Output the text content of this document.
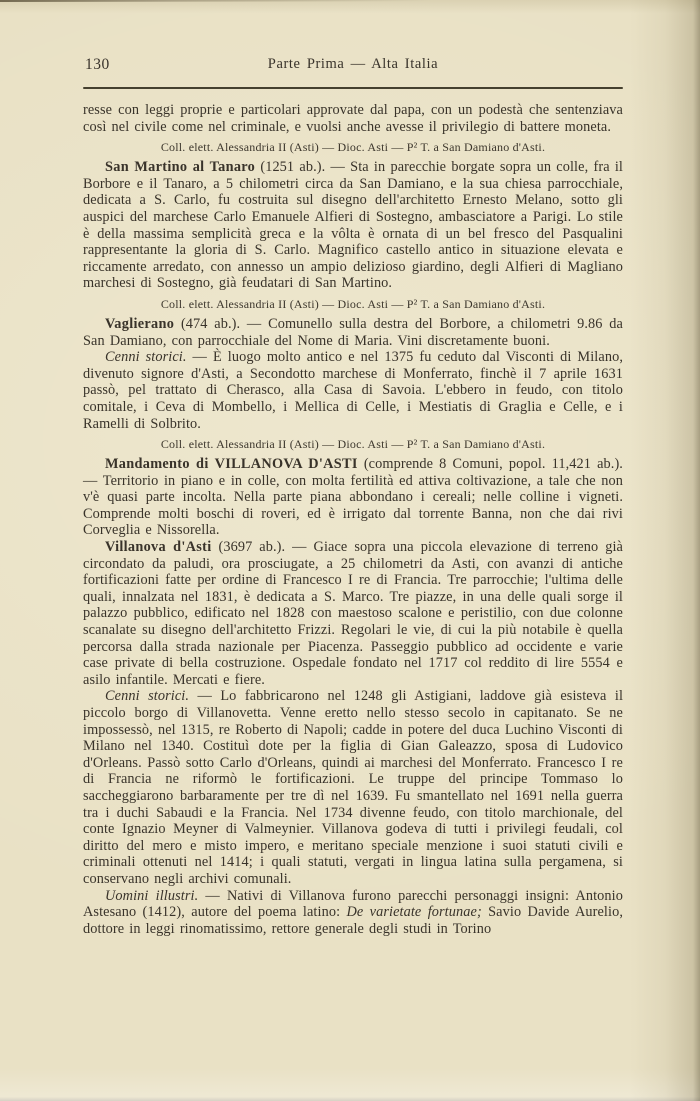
130	Parte Prima — Alta Italia

resse con leggi proprie e particolari approvate dal papa, con un podestà che sentenziava così nel civile come nel criminale, e vuolsi anche avesse il privilegio di battere moneta.

Coll. elett. Alessandria II (Asti) — Dioc. Asti — P² T. a San Damiano d'Asti.

San Martino al Tanaro (1251 ab.). — Sta in parecchie borgate sopra un colle, fra il Borbore e il Tanaro, a 5 chilometri circa da San Damiano, e la sua chiesa parrocchiale, dedicata a S. Carlo, fu costruita sul disegno dell'architetto Ernesto Melano, sotto gli auspici del marchese Carlo Emanuele Alfieri di Sostegno, ambasciatore a Parigi. Lo stile è della massima semplicità greca e la vôlta è ornata di un bel fresco del Pasqualini rappresentante la gloria di S. Carlo. Magnifico castello antico in situazione elevata e riccamente arredato, con annesso un ampio delizioso giardino, degli Alfieri di Magliano marchesi di Sostegno, già feudatari di San Martino.

Coll. elett. Alessandria II (Asti) — Dioc. Asti — P² T. a San Damiano d'Asti.

Vaglierano (474 ab.). — Comunello sulla destra del Borbore, a chilometri 9.86 da San Damiano, con parrocchiale del Nome di Maria. Vini discretamente buoni.

Cenni storici. — È luogo molto antico e nel 1375 fu ceduto dal Visconti di Milano, divenuto signore d'Asti, a Secondotto marchese di Monferrato, finchè il 7 aprile 1631 passò, pel trattato di Cherasco, alla Casa di Savoia. L'ebbero in feudo, con titolo comitale, i Ceva di Mombello, i Mellica di Celle, i Mestiatis di Graglia e Celle, e i Ramelli di Solbrito.

Coll. elett. Alessandria II (Asti) — Dioc. Asti — P² T. a San Damiano d'Asti.

Mandamento di VILLANOVA D'ASTI (comprende 8 Comuni, popol. 11,421 ab.). — Territorio in piano e in colle, con molta fertilità ed attiva coltivazione, a tale che non v'è quasi parte incolta. Nella parte piana abbondano i cereali; nelle colline i vigneti. Comprende molti boschi di roveri, ed è irrigato dal torrente Banna, non che dai rivi Corveglia e Nissorella.

Villanova d'Asti (3697 ab.). — Giace sopra una piccola elevazione di terreno già circondato da paludi, ora prosciugate, a 25 chilometri da Asti, con avanzi di antiche fortificazioni fatte per ordine di Francesco I re di Francia. Tre parrocchie; l'ultima delle quali, innalzata nel 1831, è dedicata a S. Marco. Tre piazze, in una delle quali sorge il palazzo pubblico, edificato nel 1828 con maestoso scalone e peristilio, con due colonne scanalate su disegno dell'architetto Frizzi. Regolari le vie, di cui la più notabile è quella percorsa dalla strada nazionale per Piacenza. Passeggio pubblico ad occidente e varie case private di bella costruzione. Ospedale fondato nel 1717 col reddito di lire 5554 e asilo infantile. Mercati e fiere.

Cenni storici. — Lo fabbricarono nel 1248 gli Astigiani, laddove già esisteva il piccolo borgo di Villanovetta. Venne eretto nello stesso secolo in capitanato. Se ne impossessò, nel 1315, re Roberto di Napoli; cadde in potere del duca Luchino Visconti di Milano nel 1340. Costituì dote per la figlia di Gian Galeazzo, sposa di Ludovico d'Orleans. Passò sotto Carlo d'Orleans, quindi ai marchesi del Monferrato. Francesco I re di Francia ne riformò le fortificazioni. Le truppe del principe Tommaso lo saccheggiarono barbaramente per tre dì nel 1639. Fu smantellato nel 1691 nella guerra tra i duchi Sabaudi e la Francia. Nel 1734 divenne feudo, con titolo marchionale, del conte Ignazio Meyner di Valmeynier. Villanova godeva di tutti i privilegi feudali, col diritto del mero e misto impero, e meritano speciale menzione i suoi statuti civili e criminali ottenuti nel 1414; i quali statuti, vergati in lingua latina sulla pergamena, si conservano negli archivi comunali.

Uomini illustri. — Nativi di Villanova furono parecchi personaggi insigni: Antonio Astesano (1412), autore del poema latino: De varietate fortunae; Savio Davide Aurelio, dottore in leggi rinomatissimo, rettore generale degli studi in Torino
